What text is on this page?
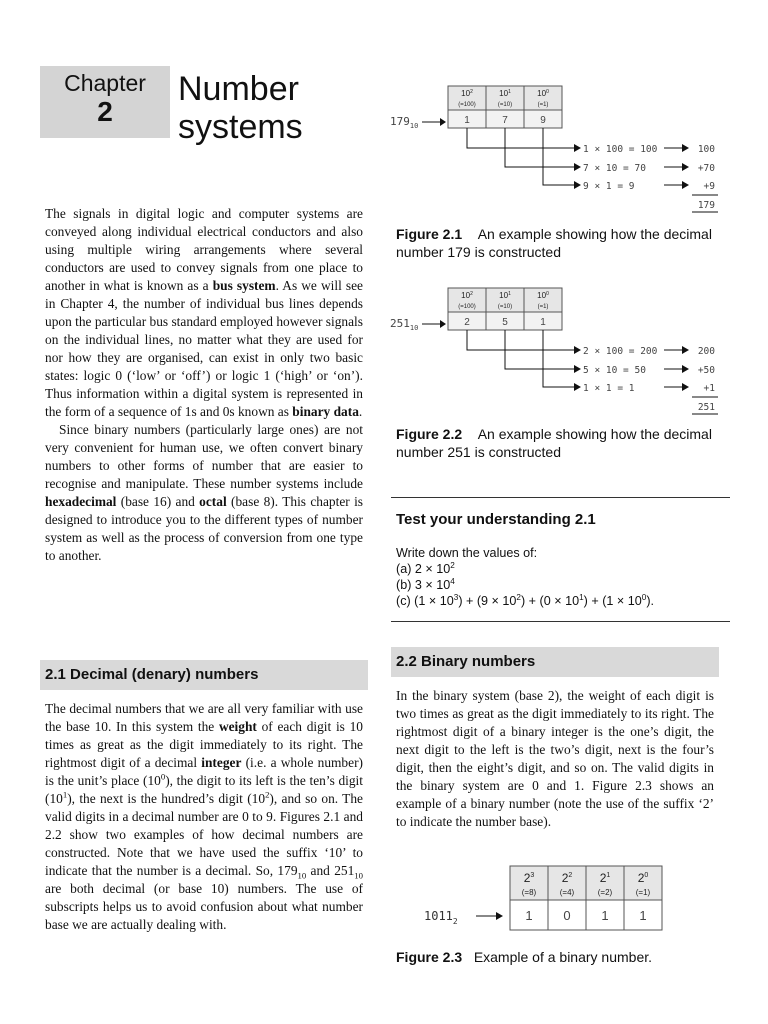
Chapter
2
Number
systems
The signals in digital logic and computer systems are conveyed along individual electrical conductors and also using multiple wiring arrangements where several conductors are used to convey signals from one place to another in what is known as a bus system. As we will see in Chapter 4, the number of individual bus lines depends upon the particular bus standard employed however signals on the individual lines, no matter what they are used for nor how they are organised, can exist in only two basic states: logic 0 (‘low’ or ‘off’) or logic 1 (‘high’ or ‘on’). Thus information within a digital system is represented in the form of a sequence of 1s and 0s known as binary data.
Since binary numbers (particularly large ones) are not very convenient for human use, we often convert binary numbers to other forms of number that are easier to recognise and manipulate. These number systems include hexadecimal (base 16) and octal (base 8). This chapter is designed to introduce you to the different types of number system as well as the process of conversion from one type to another.
2.1 Decimal (denary) numbers
The decimal numbers that we are all very familiar with use the base 10. In this system the weight of each digit is 10 times as great as the digit immediately to its right. The rightmost digit of a decimal integer (i.e. a whole number) is the unit’s place $(10^0)$, the digit to its left is the ten’s digit $(10^1)$, the next is the hundred’s digit $(10^2)$, and so on. The valid digits in a decimal number are 0 to 9. Figures 2.1 and 2.2 show two examples of how decimal numbers are constructed. Note that we have used the suffix ‘10’ to indicate that the number is a decimal. So, $179_{10}$ and $251_{10}$ are both decimal (or base 10) numbers. The use of subscripts helps us to avoid confusion about what number base we are actually dealing with.
$179_{10}$
$10^2$
(=100)
$10^1$
(=10)
$10^0$
(=1)
1	7	9
1 × 100 = 100
7 × 10 = 70
9 × 1 = 9
100
+70
+9
179
Figure 2.1 An example showing how the decimal number 179 is constructed
$251_{10}$
$10^2$
(=100)
$10^1$
(=10)
$10^0$
(=1)
2	5	1
2 × 100 = 200
5 × 10 = 50
1 × 1 = 1
200
+50
+1
251
Figure 2.2 An example showing how the decimal number 251 is constructed
Test your understanding 2.1
Write down the values of:
(a) $2 \times 10^2$
(b) $3 \times 10^4$
(c) $(1 \times 10^3) + (9 \times 10^2) + (0 \times 10^1) + (1 \times 10^0)$.
2.2 Binary numbers
In the binary system (base 2), the weight of each digit is two times as great as the digit immediately to its right. The rightmost digit of a binary integer is the one’s digit, the next digit to the left is the two’s digit, next is the four’s digit, then the eight’s digit, and so on. The valid digits in the binary system are 0 and 1. Figure 2.3 shows an example of a binary number (note the use of the suffix ‘2’ to indicate the number base).
$1011_2$
$2^3$ $2^2$ $2^1$ $2^0$
(=8)	(=4)	(=2)	(=1)
1 0 1 1
Figure 2.3 Example of a binary number.
